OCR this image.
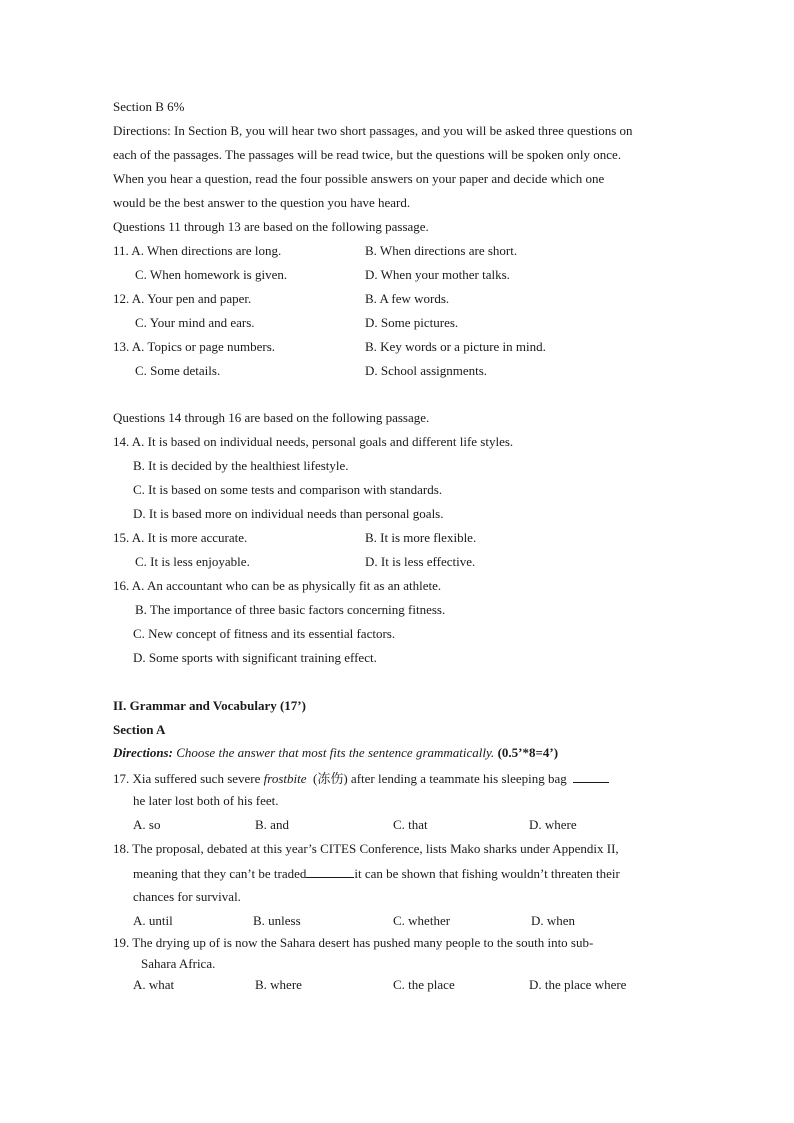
Section B 6%
Directions: In Section B, you will hear two short passages, and you will be asked three questions on
each of the passages. The passages will be read twice, but the questions will be spoken only once.
When you hear a question, read the four possible answers on your paper and decide which one
would be the best answer to the question you have heard.
Questions 11 through 13 are based on the following passage.
11. A. When directions are long.	B. When directions are short.
C. When homework is given.	D. When your mother talks.
12. A. Your pen and paper.	B. A few words.
C. Your mind and ears.	D. Some pictures.
13. A. Topics or page numbers.	B. Key words or a picture in mind.
C. Some details.	D. School assignments.
Questions 14 through 16 are based on the following passage.
14. A. It is based on individual needs, personal goals and different life styles.
B. It is decided by the healthiest lifestyle.
C. It is based on some tests and comparison with standards.
D. It is based more on individual needs than personal goals.
15. A. It is more accurate.	B. It is more flexible.
C. It is less enjoyable.	D. It is less effective.
16. A. An accountant who can be as physically fit as an athlete.
B. The importance of three basic factors concerning fitness.
C. New concept of fitness and its essential factors.
D. Some sports with significant training effect.
II. Grammar and Vocabulary (17’)
Section A
Directions: Choose the answer that most fits the sentence grammatically. (0.5’*8=4’)
17. Xia suffered such severe frostbite (冻伤) after lending a teammate his sleeping bag
he later lost both of his feet.
A. so	B. and	C. that	D. where
18. The proposal, debated at this year’s CITES Conference, lists Mako sharks under Appendix II,
meaning that they can’t be traded	it can be shown that fishing wouldn’t threaten their
chances for survival.
A. until	B. unless	C. whether	D. when
19. The drying up of is now the Sahara desert has pushed many people to the south into sub-
Sahara Africa.
A. what	B. where	C. the place	D. the place where
